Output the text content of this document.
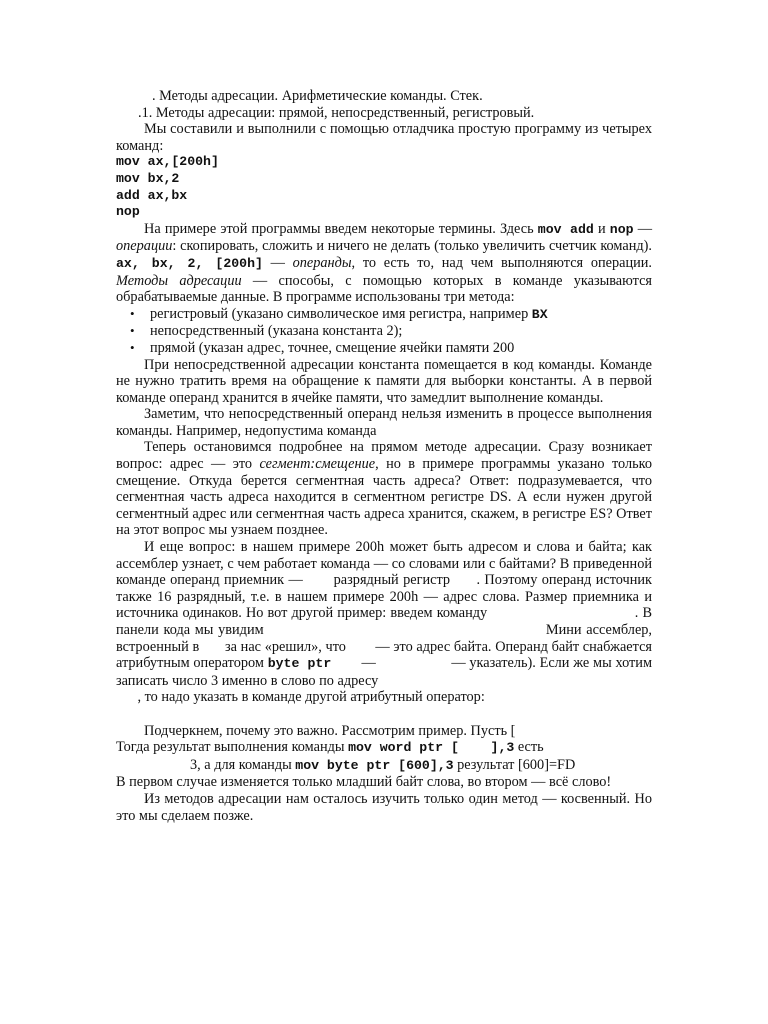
. Методы адресации. Арифметические команды. Стек.

.1. Методы адресации: прямой, непосредственный, регистровый.

Мы составили и выполнили с помощью отладчика простую программу из четырех команд:

mov ax,[200h]
mov bx,2
add ax,bx
nop

На примере этой программы введем некоторые термины. Здесь mov add и nop — операции: скопировать, сложить и ничего не делать (только увеличить счетчик команд). ax, bx, 2, [200h] — операнды, то есть то, над чем выполняются операции. Методы адресации — способы, с помощью которых в команде указываются обрабатываемые данные. В программе использованы три метода:

• регистровый (указано символическое имя регистра, например BX
• непосредственный (указана константа 2);
• прямой (указан адрес, точнее, смещение ячейки памяти 200

При непосредственной адресации константа помещается в код команды. Команде не нужно тратить время на обращение к памяти для выборки константы. А в первой команде операнд хранится в ячейке памяти, что замедлит выполнение команды.

Заметим, что непосредственный операнд нельзя изменить в процессе выполнения команды. Например, недопустима команда

Теперь остановимся подробнее на прямом методе адресации. Сразу возникает вопрос: адрес — это сегмент:смещение, но в примере программы указано только смещение. Откуда берется сегментная часть адреса? Ответ: подразумевается, что сегментная часть адреса находится в сегментном регистре DS. А если нужен другой сегментный адрес или сегментная часть адреса хранится, скажем, в регистре ES? Ответ на этот вопрос мы узнаем позднее.

И еще вопрос: в нашем примере 200h может быть адресом и слова и байта; как ассемблер узнает, с чем работает команда — со словами или с байтами? В приведенной команде операнд приемник —       разрядный регистр      . Поэтому операнд источник также 16 разрядный, т.е. в нашем примере 200h — адрес слова. Размер приемника и источника одинаков. Но вот другой пример: введем команду	. В панели кода мы увидим	Мини ассемблер, встроенный в       за нас «решил», что        — это адрес байта. Операнд байт снабжается атрибутным оператором byte ptr        —                    — указатель). Если же мы хотим записать число 3 именно в слово по адресу
, то надо указать в команде другой атрибутный оператор:

Подчеркнем, почему это важно. Рассмотрим пример. Пусть [

Тогда результат выполнения команды mov word ptr [    ],3 есть

3, а для команды mov byte ptr [600],3 результат [600]=FD

В первом случае изменяется только младший байт слова, во втором — всё слово!

Из методов адресации нам осталось изучить только один метод — косвенный. Но это мы сделаем позже.
